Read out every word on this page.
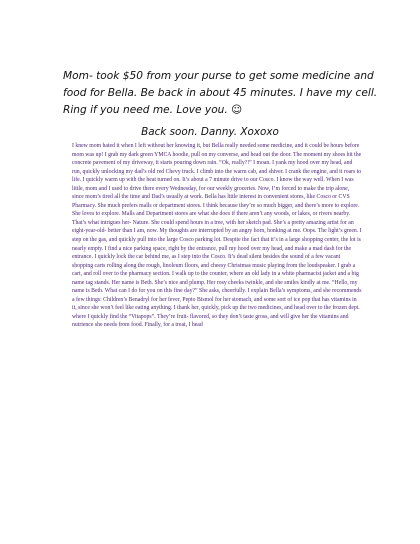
Mom- took $50 from your purse to get some medicine and food for Bella. Be back in about 45 minutes. I have my cell. Ring if you need me. Love you. ☺

Back soon. Danny. Xoxoxo

I knew mom hated it when I left without her knowing it, but Bella really needed some medicine, and it could be hours before mom was up! I grab my dark green YMCA hoodie, pull on my converse, and head out the door. The moment my shoes hit the concrete pavement of my driveway, it starts pouring down rain. “Ok, really?!” I moan. I yank my hood over my head, and run, quickly unlocking my dad’s old red Chevy truck. I climb into the warm cab, and shiver. I crank the engine, and it roars to life. I quickly warm up with the heat turned on. It’s about a 7 minute drive to our Cosco. I know the way well. When I was little, mom and I used to drive there every Wednesday, for our weekly groceries. Now, I’m forced to make the trip alone, since mom’s tired all the time and Dad’s usually at work. Bella has little interest in convenient stores, like Cosco or CVS Pharmacy. She much prefers malls or department stores. I think because they’re so much bigger, and there’s more to explore. She loves to explore. Malls and Department stores are what she does if there aren’t any woods, or lakes, or rivers nearby. That’s what intrigues her- Nature. She could spend hours in a tree, with her sketch pad. She’s a pretty amazing artist for an eight-year-old- better than I am, now. My thoughts are interrupted by an angry horn, honking at me. Oops. The light’s green. I step on the gas, and quickly pull into the large Cosco parking lot. Despite the fact that it’s in a large shopping center, the lot is nearly empty. I find a nice parking space, right by the entrance, pull my hood over my head, and make a mad dash for the entrance. I quickly lock the car behind me, as I step into the Cosco. It’s dead silent besides the sound of a few vacant shopping carts rolling along the rough, linoleum floors, and cheesy Christmas music playing from the loudspeaker. I grab a cart, and roll over to the pharmacy section. I walk up to the counter, where an old lady in a white pharmacist jacket and a big name tag stands. Her name is Beth. She’s nice and plump. Her rosy cheeks twinkle, and she smiles kindly at me. “Hello, my name is Beth. What can I do for you on this fine day?” She asks, cheerfully. I explain Bella’s symptoms, and she recommends a few things: Children’s Benadryl for her fever, Pepto Bismol for her stomach, and some sort of ice pop that has vitamins in it, since she won’t feel like eating anything. I thank her, quickly, pick up the two medicines, and head over to the frozen dept. where I quickly find the “Vitapops”. They’re fruit- flavored, so they don’t taste gross, and will give her the vitamins and nutrience she needs from food. Finally, for a treat, I head
